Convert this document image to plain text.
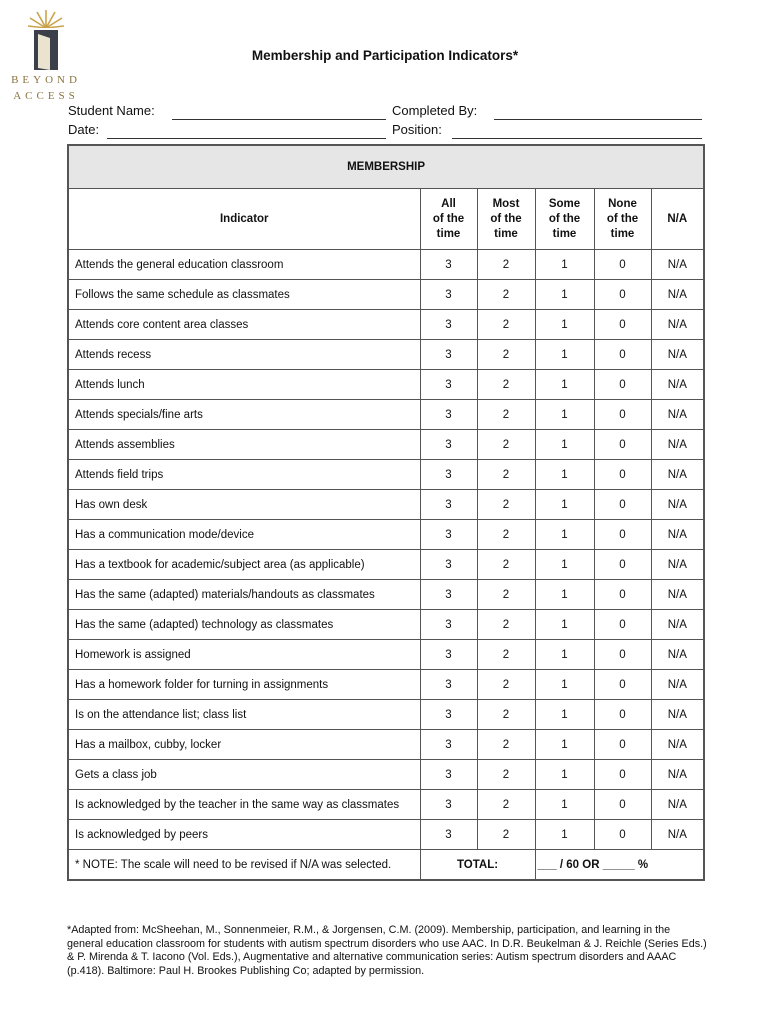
BEYOND
ACCESS
Membership and Participation Indicators*
Student Name:
Date:
Completed By:
Position:
MEMBERSHIP					
Indicator	All
of the
time	Most
of the
time	Some
of the
time	None
of the
time	N/A
Attends the general education classroom	3	2	1	0	N/A
Follows the same schedule as classmates	3	2	1	0	N/A
Attends core content area classes	3	2	1	0	N/A
Attends recess	3	2	1	0	N/A
Attends lunch	3	2	1	0	N/A
Attends specials/fine arts	3	2	1	0	N/A
Attends assemblies	3	2	1	0	N/A
Attends field trips	3	2	1	0	N/A
Has own desk	3	2	1	0	N/A
Has a communication mode/device	3	2	1	0	N/A
Has a textbook for academic/subject area (as applicable)	3	2	1	0	N/A
Has the same (adapted) materials/handouts as classmates	3	2	1	0	N/A
Has the same (adapted) technology as classmates	3	2	1	0	N/A
Homework is assigned	3	2	1	0	N/A
Has a homework folder for turning in assignments	3	2	1	0	N/A
Is on the attendance list; class list	3	2	1	0	N/A
Has a mailbox, cubby, locker	3	2	1	0	N/A
Gets a class job	3	2	1	0	N/A
Is acknowledged by the teacher in the same way as classmates	3	2	1	0	N/A
Is acknowledged by peers	3	2	1	0	N/A
* NOTE: The scale will need to be revised if N/A was selected.	TOTAL:		___ / 60 OR _____ %		
*Adapted from: McSheehan, M., Sonnenmeier, R.M., & Jorgensen, C.M. (2009). Membership, participation, and learning in the general education classroom for students with autism spectrum disorders who use AAC. In D.R. Beukelman & J. Reichle (Series Eds.) & P. Mirenda & T. Iacono (Vol. Eds.), Augmentative and alternative communication series: Autism spectrum disorders and AAAC (p.418). Baltimore: Paul H. Brookes Publishing Co; adapted by permission.
